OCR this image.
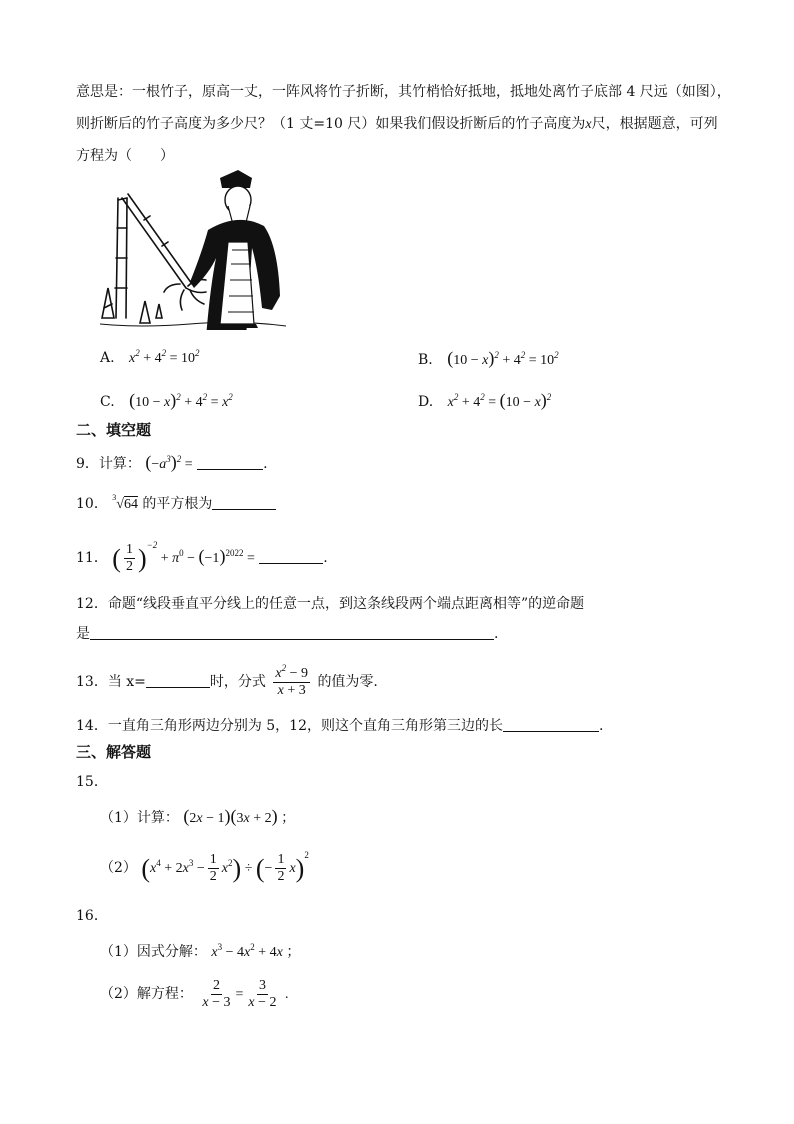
意思是：一根竹子，原高一丈，一阵风将竹子折断，其竹梢恰好抵地，抵地处离竹子底部 4 尺远（如图），
则折断后的竹子高度为多少尺？（1 丈=10 尺）如果我们假设折断后的竹子高度为x尺，根据题意，可列
方程为（　　）
A. $x^2 + 4^2 = 10^2$	B. $(10 - x)^2 + 4^2 = 10^2$
C. $(10 - x)^2 + 4^2 = x^2$	D. $x^2 + 4^2 = (10 - x)^2$
二、填空题
9．计算： $(-a^3)^2$ =	.
10． $^3$√64 的平方根为
11． ( $\frac{1}{2} )^{-2} + \pi^0 - (-1)^{2022}$ =	.
12．命题“线段垂直平分线上的任意一点，到这条线段两个端点距离相等”的逆命题
是	.
13．当 x=	时，分式 $\frac{x^2 - 9}{x + 3}$ 的值为零.
14．一直角三角形两边分别为 5，12，则这个直角三角形第三边的长	.
三、解答题
15．
（1）计算： (2x − 1)(3x + 2) ；
（2） $(x^4 + 2x^3 - \frac{1}{2} x^2)$ ÷ (− $\frac{1}{2} x)^2$
16．
（1）因式分解： $x^3 - 4x^2 + 4x$ ；
（2）解方程： $\frac{2}{x - 3} = \frac{3}{x - 2}$ .
